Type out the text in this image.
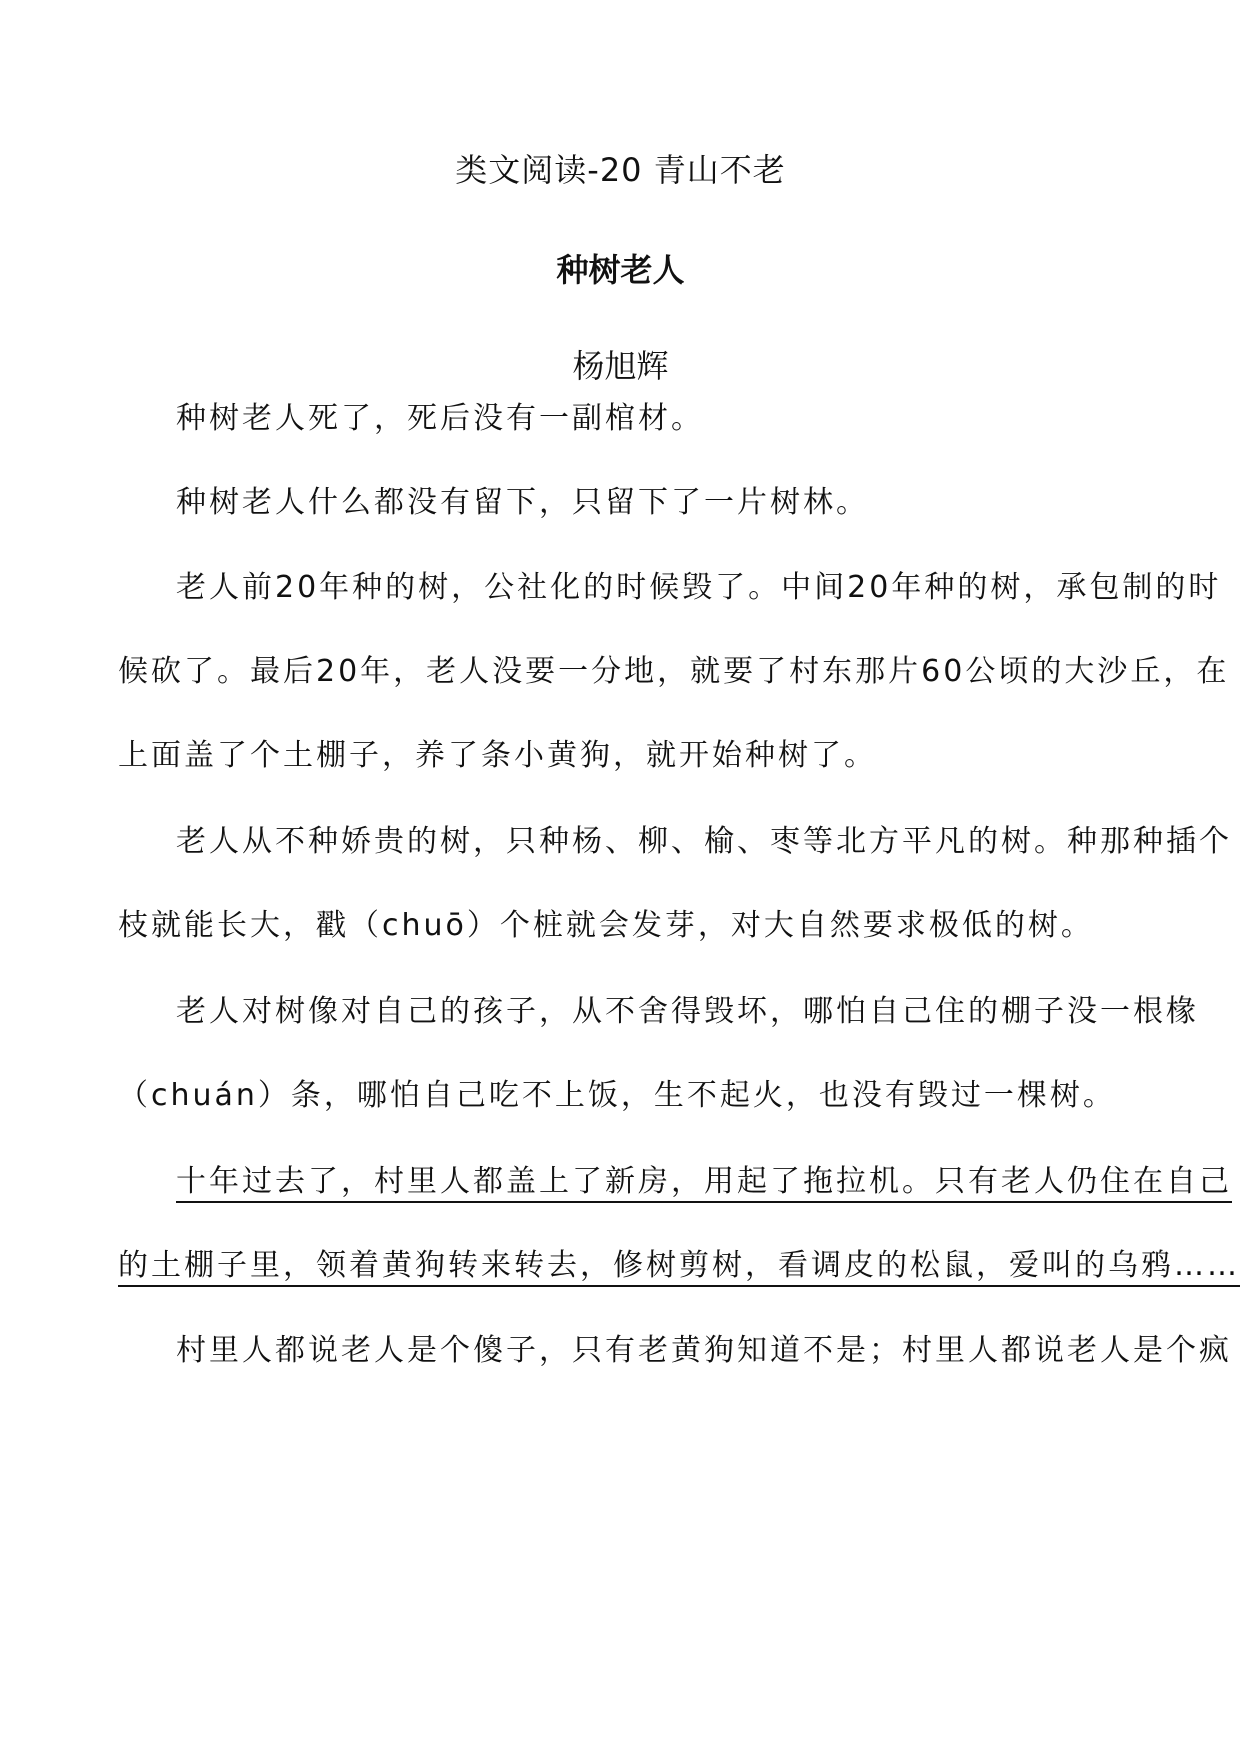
类文阅读-20 青山不老
种树老人
杨旭辉
种树老人死了，死后没有一副棺材。
种树老人什么都没有留下，只留下了一片树林。
老人前20年种的树，公社化的时候毁了。中间20年种的树，承包制的时
候砍了。最后20年，老人没要一分地，就要了村东那片60公顷的大沙丘，在
上面盖了个土棚子，养了条小黄狗，就开始种树了。
老人从不种娇贵的树，只种杨、柳、榆、枣等北方平凡的树。种那种插个
枝就能长大，戳（chuō）个桩就会发芽，对大自然要求极低的树。
老人对树像对自己的孩子，从不舍得毁坏，哪怕自己住的棚子没一根椽
（chuán）条，哪怕自己吃不上饭，生不起火，也没有毁过一棵树。
十年过去了，村里人都盖上了新房，用起了拖拉机。只有老人仍住在自己
的土棚子里，领着黄狗转来转去，修树剪树，看调皮的松鼠，爱叫的乌鸦……
村里人都说老人是个傻子，只有老黄狗知道不是；村里人都说老人是个疯
